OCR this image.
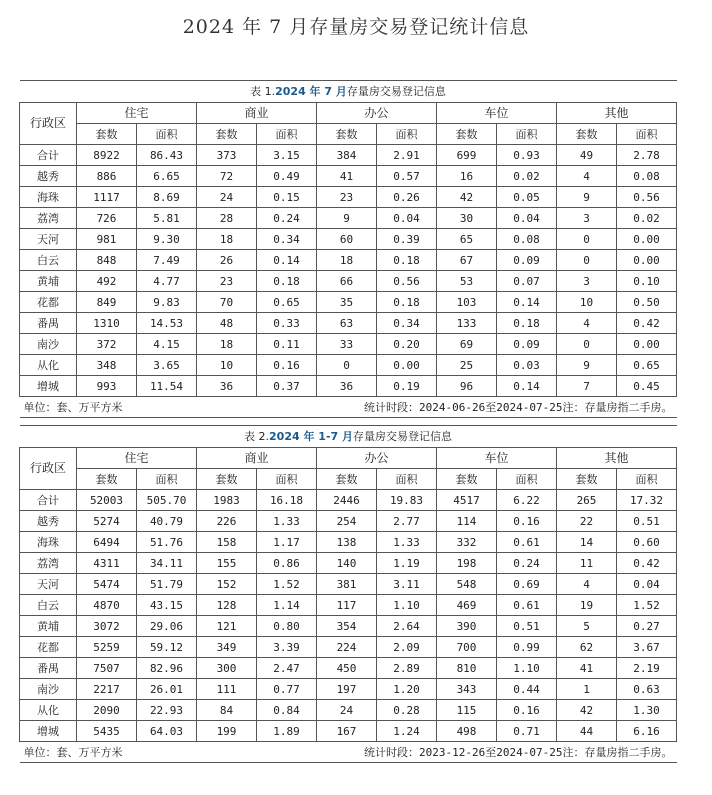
2024 年 7 月存量房交易登记统计信息
表 1.2024 年 7 月存量房交易登记信息										
行政区	住宅		商业		办公		车位		其他	
	套数	面积	套数	面积	套数	面积	套数	面积	套数	面积
合计	8922	86.43	373	3.15	384	2.91	699	0.93	49	2.78
越秀	886	6.65	72	0.49	41	0.57	16	0.02	4	0.08
海珠	1117	8.69	24	0.15	23	0.26	42	0.05	9	0.56
荔湾	726	5.81	28	0.24	9	0.04	30	0.04	3	0.02
天河	981	9.30	18	0.34	60	0.39	65	0.08	0	0.00
白云	848	7.49	26	0.14	18	0.18	67	0.09	0	0.00
黄埔	492	4.77	23	0.18	66	0.56	53	0.07	3	0.10
花都	849	9.83	70	0.65	35	0.18	103	0.14	10	0.50
番禺	1310	14.53	48	0.33	63	0.34	133	0.18	4	0.42
南沙	372	4.15	18	0.11	33	0.20	69	0.09	0	0.00
从化	348	3.65	10	0.16	0	0.00	25	0.03	9	0.65
增城	993	11.54	36	0.37	36	0.19	96	0.14	7	0.45

单位：套、万平方米 统计时段：2024-06-26至2024-07-25注：存量房指二手房。										
表 2.2024 年 1-7 月存量房交易登记信息										
行政区	住宅		商业		办公		车位		其他	
	套数	面积	套数	面积	套数	面积	套数	面积	套数	面积
合计	52003	505.70	1983	16.18	2446	19.83	4517	6.22	265	17.32
越秀	5274	40.79	226	1.33	254	2.77	114	0.16	22	0.51
海珠	6494	51.76	158	1.17	138	1.33	332	0.61	14	0.60
荔湾	4311	34.11	155	0.86	140	1.19	198	0.24	11	0.42
天河	5474	51.79	152	1.52	381	3.11	548	0.69	4	0.04
白云	4870	43.15	128	1.14	117	1.10	469	0.61	19	1.52
黄埔	3072	29.06	121	0.80	354	2.64	390	0.51	5	0.27
花都	5259	59.12	349	3.39	224	2.09	700	0.99	62	3.67
番禺	7507	82.96	300	2.47	450	2.89	810	1.10	41	2.19
南沙	2217	26.01	111	0.77	197	1.20	343	0.44	1	0.63
从化	2090	22.93	84	0.84	24	0.28	115	0.16	42	1.30
增城	5435	64.03	199	1.89	167	1.24	498	0.71	44	6.16

单位：套、万平方米 统计时段：2023-12-26至2024-07-25注：存量房指二手房。										
